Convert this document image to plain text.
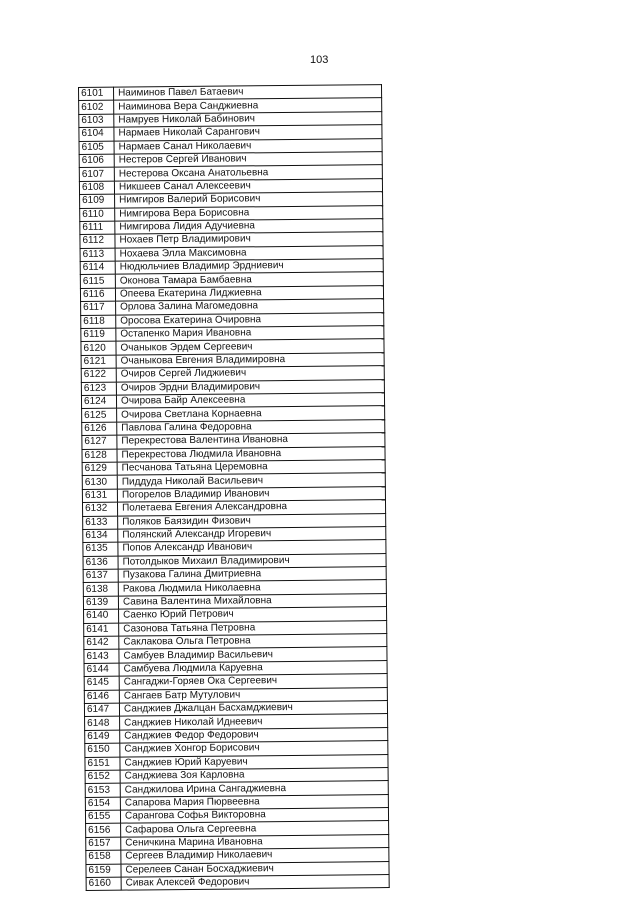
103
6101	Наиминов Павел Батаевич
6102	Наиминова Вера Санджиевна
6103	Намруев Николай Бабинович
6104	Нармаев Николай Сарангович
6105	Нармаев Санал Николаевич
6106	Нестеров Сергей Иванович
6107	Нестерова Оксана Анатольевна
6108	Никшеев Санал Алексеевич
6109	Нимгиров Валерий Борисович
6110	Нимгирова Вера Борисовна
6111	Нимгирова Лидия Адучиевна
6112	Нохаев Петр Владимирович
6113	Нохаева Элла Максимовна
6114	Нюдюльчиев Владимир Эрдниевич
6115	Оконова Тамара Бамбаевна
6116	Опеева Екатерина Лиджиевна
6117	Орлова Залина Магомедовна
6118	Оросова Екатерина Очировна
6119	Остапенко Мария Ивановна
6120	Очаныков Эрдем Сергеевич
6121	Очаныкова Евгения Владимировна
6122	Очиров Сергей Лиджиевич
6123	Очиров Эрдни Владимирович
6124	Очирова Байр Алексеевна
6125	Очирова Светлана Корнаевна
6126	Павлова Галина Федоровна
6127	Перекрестова Валентина Ивановна
6128	Перекрестова Людмила Ивановна
6129	Песчанова Татьяна Церемовна
6130	Пиддуда Николай Васильевич
6131	Погорелов Владимир Иванович
6132	Полетаева Евгения Александровна
6133	Поляков Баязидин Физович
6134	Полянский Александр Игоревич
6135	Попов Александр Иванович
6136	Потолдыков Михаил Владимирович
6137	Пузакова Галина Дмитриевна
6138	Ракова Людмила Николаевна
6139	Савина Валентина Михайловна
6140	Саенко Юрий Петрович
6141	Сазонова Татьяна Петровна
6142	Саклакова Ольга Петровна
6143	Самбуев Владимир Васильевич
6144	Самбуева Людмила Каруевна
6145	Сангаджи-Горяев Ока Сергеевич
6146	Сангаев Батр Мутулович
6147	Санджиев Джалцан Басхамджиевич
6148	Санджиев Николай Иднеевич
6149	Санджиев Федор Федорович
6150	Санджиев Хонгор Борисович
6151	Санджиев Юрий Каруевич
6152	Санджиева Зоя Карловна
6153	Санджилова Ирина Сангаджиевна
6154	Сапарова Мария Пюрвеевна
6155	Сарангова Софья Викторовна
6156	Сафарова Ольга Сергеевна
6157	Сеничкина Марина Ивановна
6158	Сергеев Владимир Николаевич
6159	Серелеев Санан Босхаджиевич
6160	Сивак Алексей Федорович
